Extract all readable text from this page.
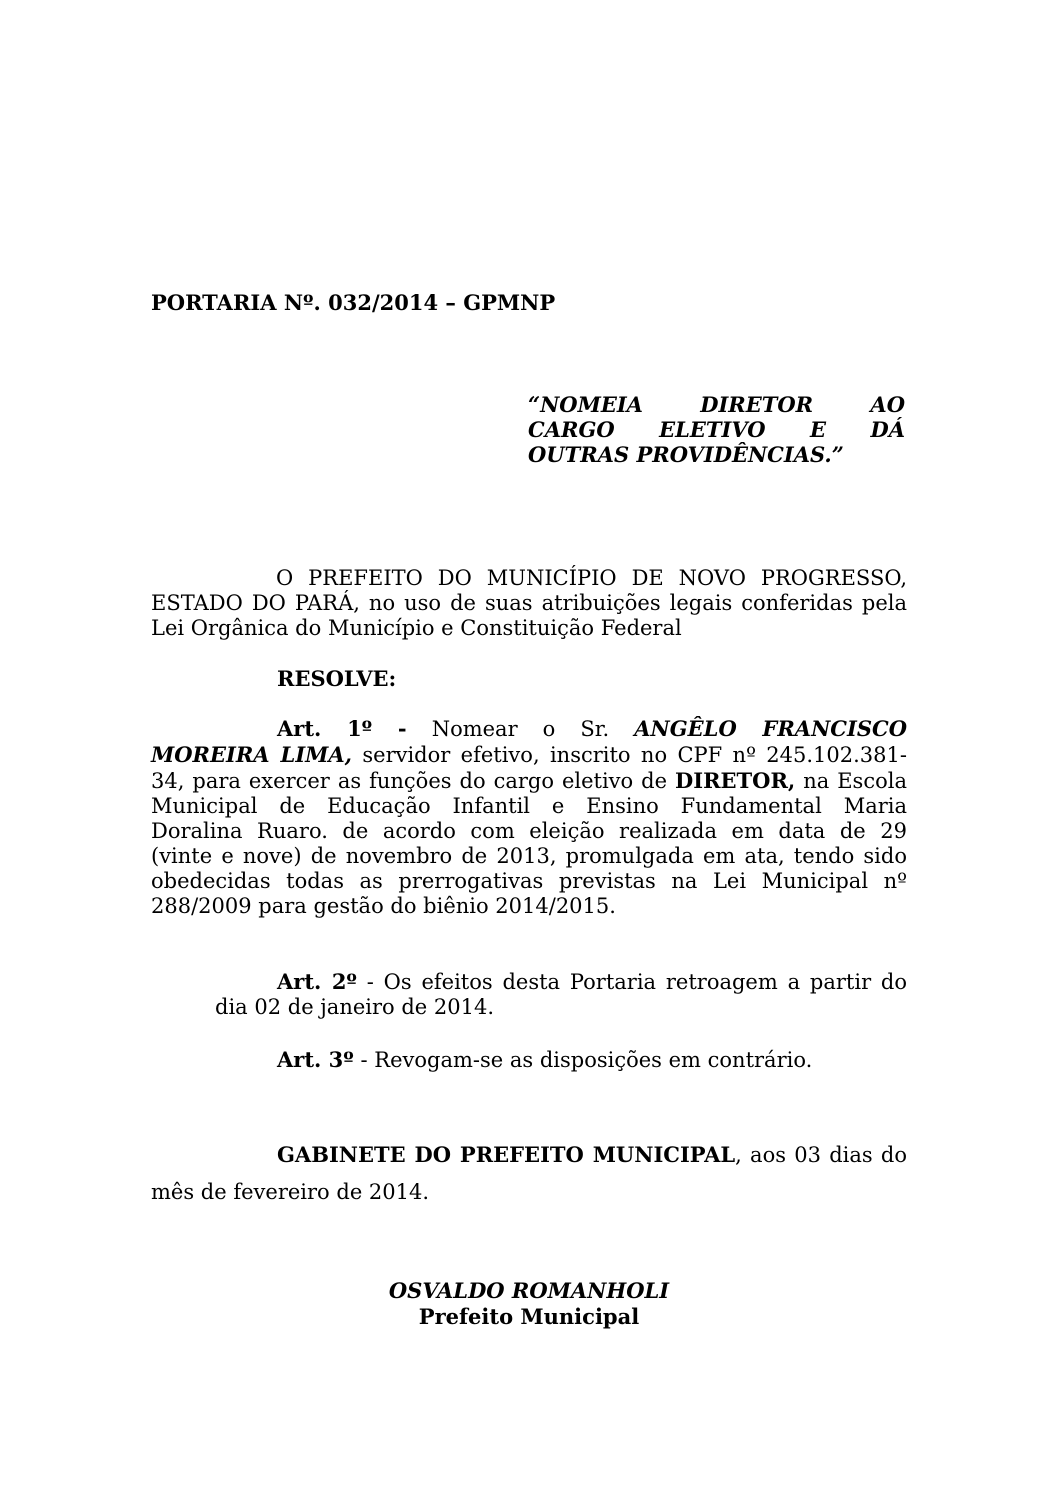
PORTARIA Nº. 032/2014 – GPMNP
“NOMEIA DIRETOR AO
CARGO ELETIVO E DÁ
OUTRAS PROVIDÊNCIAS.”
O PREFEITO DO MUNICÍPIO DE NOVO PROGRESSO,
ESTADO DO PARÁ, no uso de suas atribuições legais conferidas pela
Lei Orgânica do Município e Constituição Federal
RESOLVE:
Art. 1º - Nomear o Sr. ANGÊLO FRANCISCO
MOREIRA LIMA, servidor efetivo, inscrito no CPF nº 245.102.381-
34, para exercer as funções do cargo eletivo de DIRETOR, na Escola
Municipal de Educação Infantil e Ensino Fundamental Maria
Doralina Ruaro. de acordo com eleição realizada em data de 29
(vinte e nove) de novembro de 2013, promulgada em ata, tendo sido
obedecidas todas as prerrogativas previstas na Lei Municipal nº
288/2009 para gestão do biênio 2014/2015.
Art. 2º - Os efeitos desta Portaria retroagem a partir do
dia 02 de janeiro de 2014.
Art. 3º - Revogam-se as disposições em contrário.
GABINETE DO PREFEITO MUNICIPAL, aos 03 dias do
mês de fevereiro de 2014.
OSVALDO ROMANHOLI
Prefeito Municipal
